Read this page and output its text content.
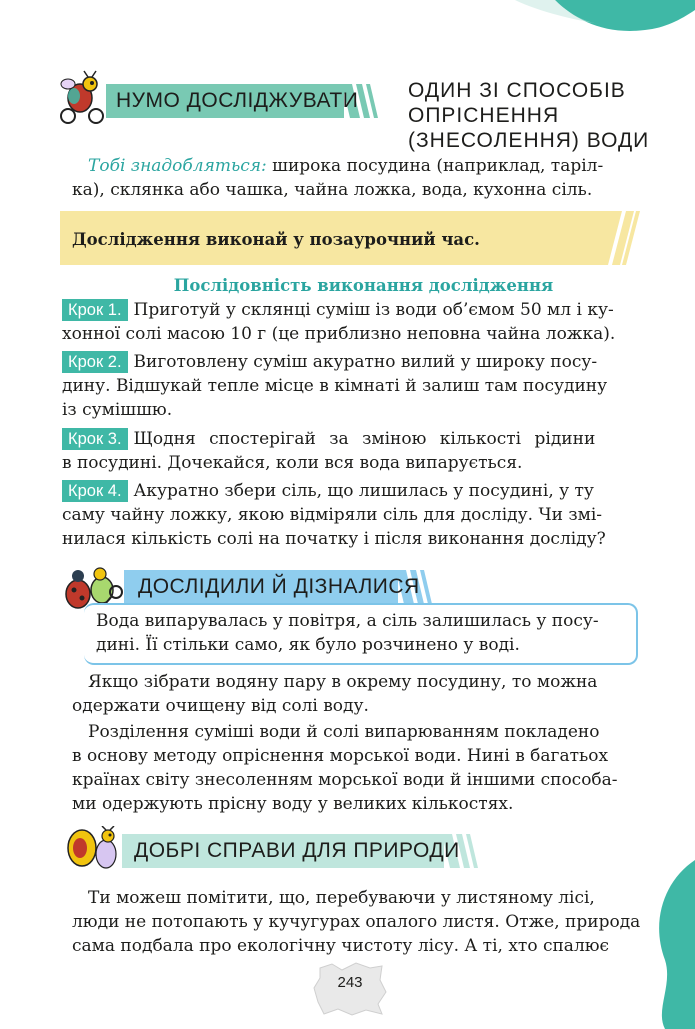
НУМО ДОСЛІДЖУВАТИ ОДИН ЗІ СПОСОБІВ
ОПРІСНЕННЯ
(ЗНЕСОЛЕННЯ) ВОДИ
Тобі знадобляться: широка посудина (наприклад, таріл-
ка), склянка або чашка, чайна ложка, вода, кухонна сіль.
Дослідження виконай у позаурочний час.
Послідовність виконання дослідження
Крок 1. Приготуй у склянці суміш із води об’ємом 50 мл і ку-
хонної солі масою 10 г (це приблизно неповна чайна ложка).
Крок 2. Виготовлену суміш акуратно вилий у широку посу-
дину. Відшукай тепле місце в кімнаті й залиш там посудину
із сумішшю.
Крок 3. Щодня спостерігай за зміною кількості рідини
в посудині. Дочекайся, коли вся вода випарується.
Крок 4. Акуратно збери сіль, що лишилась у посудині, у ту
саму чайну ложку, якою відміряли сіль для досліду. Чи змі-
нилася кількість солі на початку і після виконання досліду?
ДОСЛІДИЛИ Й ДІЗНАЛИСЯ
Вода випарувалась у повітря, а сіль залишилась у посу-
дині. Її стільки само, як було розчинено у воді.
Якщо зібрати водяну пару в окрему посудину, то можна
одержати очищену від солі воду.
Розділення суміші води й солі випарюванням покладено
в основу методу опріснення морської води. Нині в багатьох
країнах світу знесоленням морської води й іншими способа-
ми одержують прісну воду у великих кількостях.
ДОБРІ СПРАВИ ДЛЯ ПРИРОДИ
Ти можеш помітити, що, перебуваючи у листяному лісі,
люди не потопають у кучугурах опалого листя. Отже, природа
сама подбала про екологічну чистоту лісу. А ті, хто спалює
243
